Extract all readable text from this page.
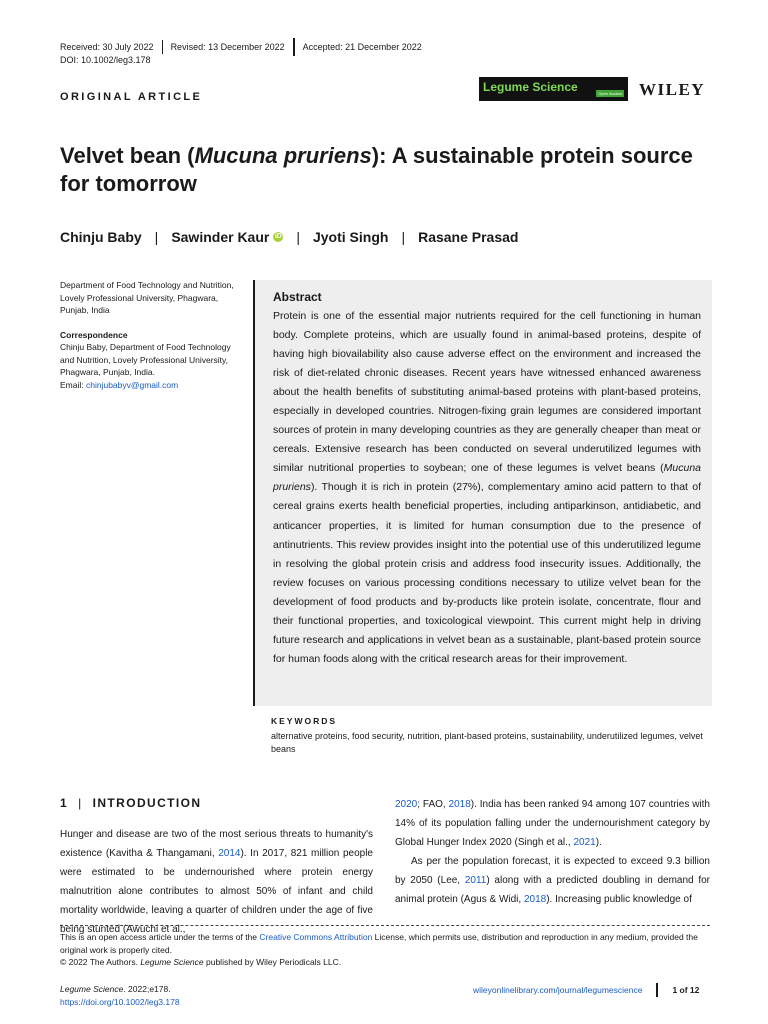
Received: 30 July 2022	Revised: 13 December 2022	Accepted: 21 December 2022
DOI: 10.1002/leg3.178
ORIGINAL ARTICLE
Legume Science	Open Access WILEY
Velvet bean (Mucuna pruriens): A sustainable protein source for tomorrow
Chinju Baby | Sawinder Kaur iD	| Jyoti Singh | Rasane Prasad
Department of Food Technology and Nutrition, Lovely Professional University, Phagwara, Punjab, India
Correspondence
Chinju Baby, Department of Food Technology and Nutrition, Lovely Professional University, Phagwara, Punjab, India.
Email: chinjubabyv@gmail.com
Abstract
Protein is one of the essential major nutrients required for the cell functioning in human body. Complete proteins, which are usually found in animal-based proteins, despite of having high biovailability also cause adverse effect on the environment and increased the risk of diet-related chronic diseases. Recent years have witnessed enhanced awareness about the health benefits of substituting animal-based proteins with plant-based proteins, especially in developed countries. Nitrogen-fixing grain legumes are considered important sources of protein in many developing countries as they are generally cheaper than meat or cereals. Extensive research has been conducted on several underutilized legumes with similar nutritional properties to soybean; one of these legumes is velvet beans (Mucuna pruriens). Though it is rich in protein (27%), complementary amino acid pattern to that of cereal grains exerts health beneficial properties, including antiparkinson, antidiabetic, and anticancer properties, it is limited for human consumption due to the presence of antinutrients. This review provides insight into the potential use of this underutilized legume in resolving the global protein crisis and address food insecurity issues. Additionally, the review focuses on various processing conditions necessary to utilize velvet bean for the development of food products and by-products like protein isolate, concentrate, flour and their functional properties, and toxicological viewpoint. This current might help in driving future research and applications in velvet bean as a sustainable, plant-based protein source for human foods along with the critical research areas for their improvement.
KEYWORDS
alternative proteins, food security, nutrition, plant-based proteins, sustainability, underutilized legumes, velvet beans
1 | INTRODUCTION
Hunger and disease are two of the most serious threats to humanity's existence (Kavitha & Thangamani, 2014). In 2017, 821 million people were estimated to be undernourished where protein energy malnutrition alone contributes to almost 50% of infant and child mortality worldwide, leaving a quarter of children under the age of five being stunted (Awuchi et al.,
2020; FAO, 2018). India has been ranked 94 among 107 countries with 14% of its population falling under the undernourishment category by Global Hunger Index 2020 (Singh et al., 2021).
As per the population forecast, it is expected to exceed 9.3 billion by 2050 (Lee, 2011) along with a predicted doubling in demand for animal protein (Agus & Widi, 2018). Increasing public knowledge of
This is an open access article under the terms of the Creative Commons Attribution License, which permits use, distribution and reproduction in any medium, provided the original work is properly cited.
© 2022 The Authors. Legume Science published by Wiley Periodicals LLC.
Legume Science. 2022;e178.
https://doi.org/10.1002/leg3.178
wileyonlinelibrary.com/journal/legumescience	1 of 12
